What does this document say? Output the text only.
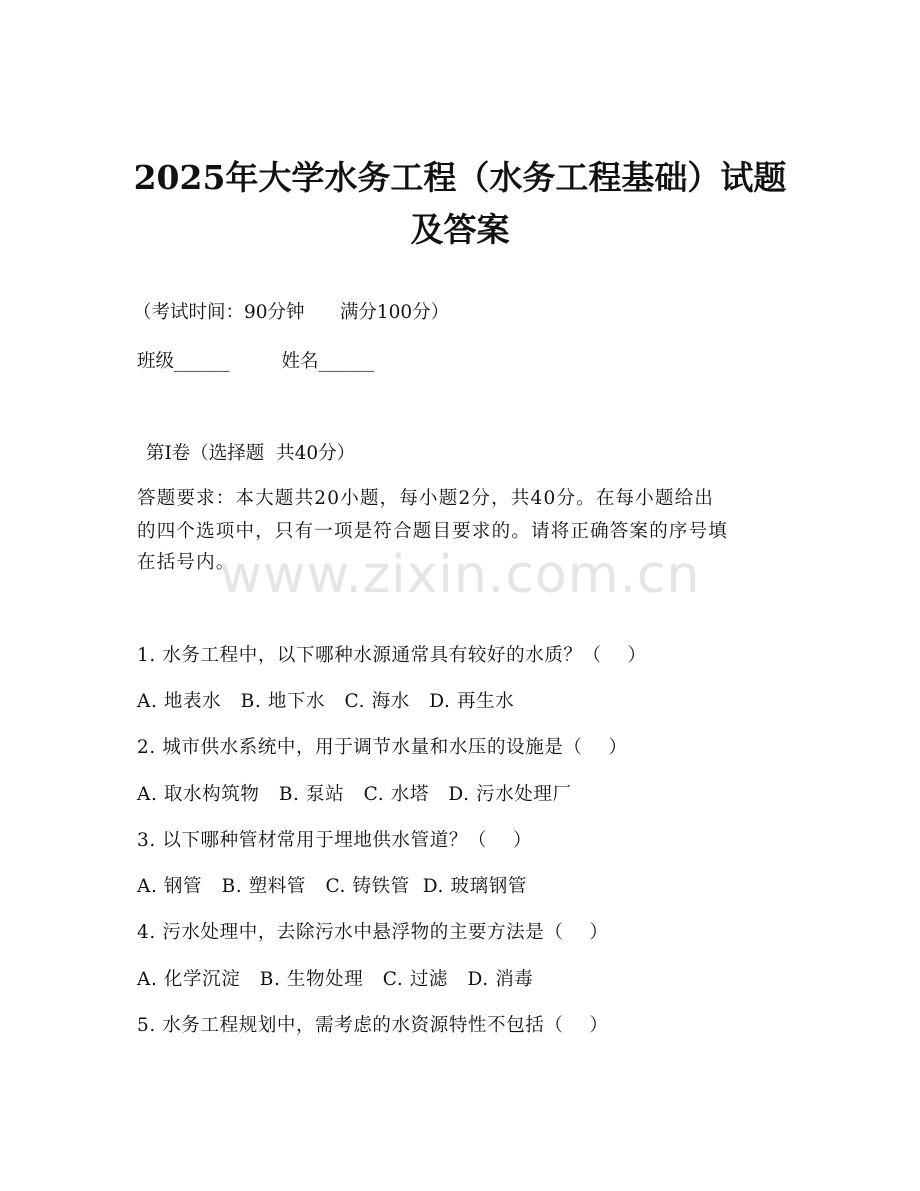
2025年大学水务工程（水务工程基础）试题
及答案
（考试时间：90分钟      满分100分）
班级______	姓名______
第I卷（选择题  共40分）
答题要求：本大题共20小题，每小题2分，共40分。在每小题给出
的四个选项中，只有一项是符合题目要求的。请将正确答案的序号填
在括号内。
www.zixin.com.cn
1. 水务工程中，以下哪种水源通常具有较好的水质？（    ）
A. 地表水   B. 地下水   C. 海水   D. 再生水
2. 城市供水系统中，用于调节水量和水压的设施是（    ）
A. 取水构筑物   B. 泵站   C. 水塔   D. 污水处理厂
3. 以下哪种管材常用于埋地供水管道？（    ）
A. 钢管   B. 塑料管   C. 铸铁管  D. 玻璃钢管
4. 污水处理中，去除污水中悬浮物的主要方法是（    ）
A. 化学沉淀   B. 生物处理   C. 过滤   D. 消毒
5. 水务工程规划中，需考虑的水资源特性不包括（    ）
